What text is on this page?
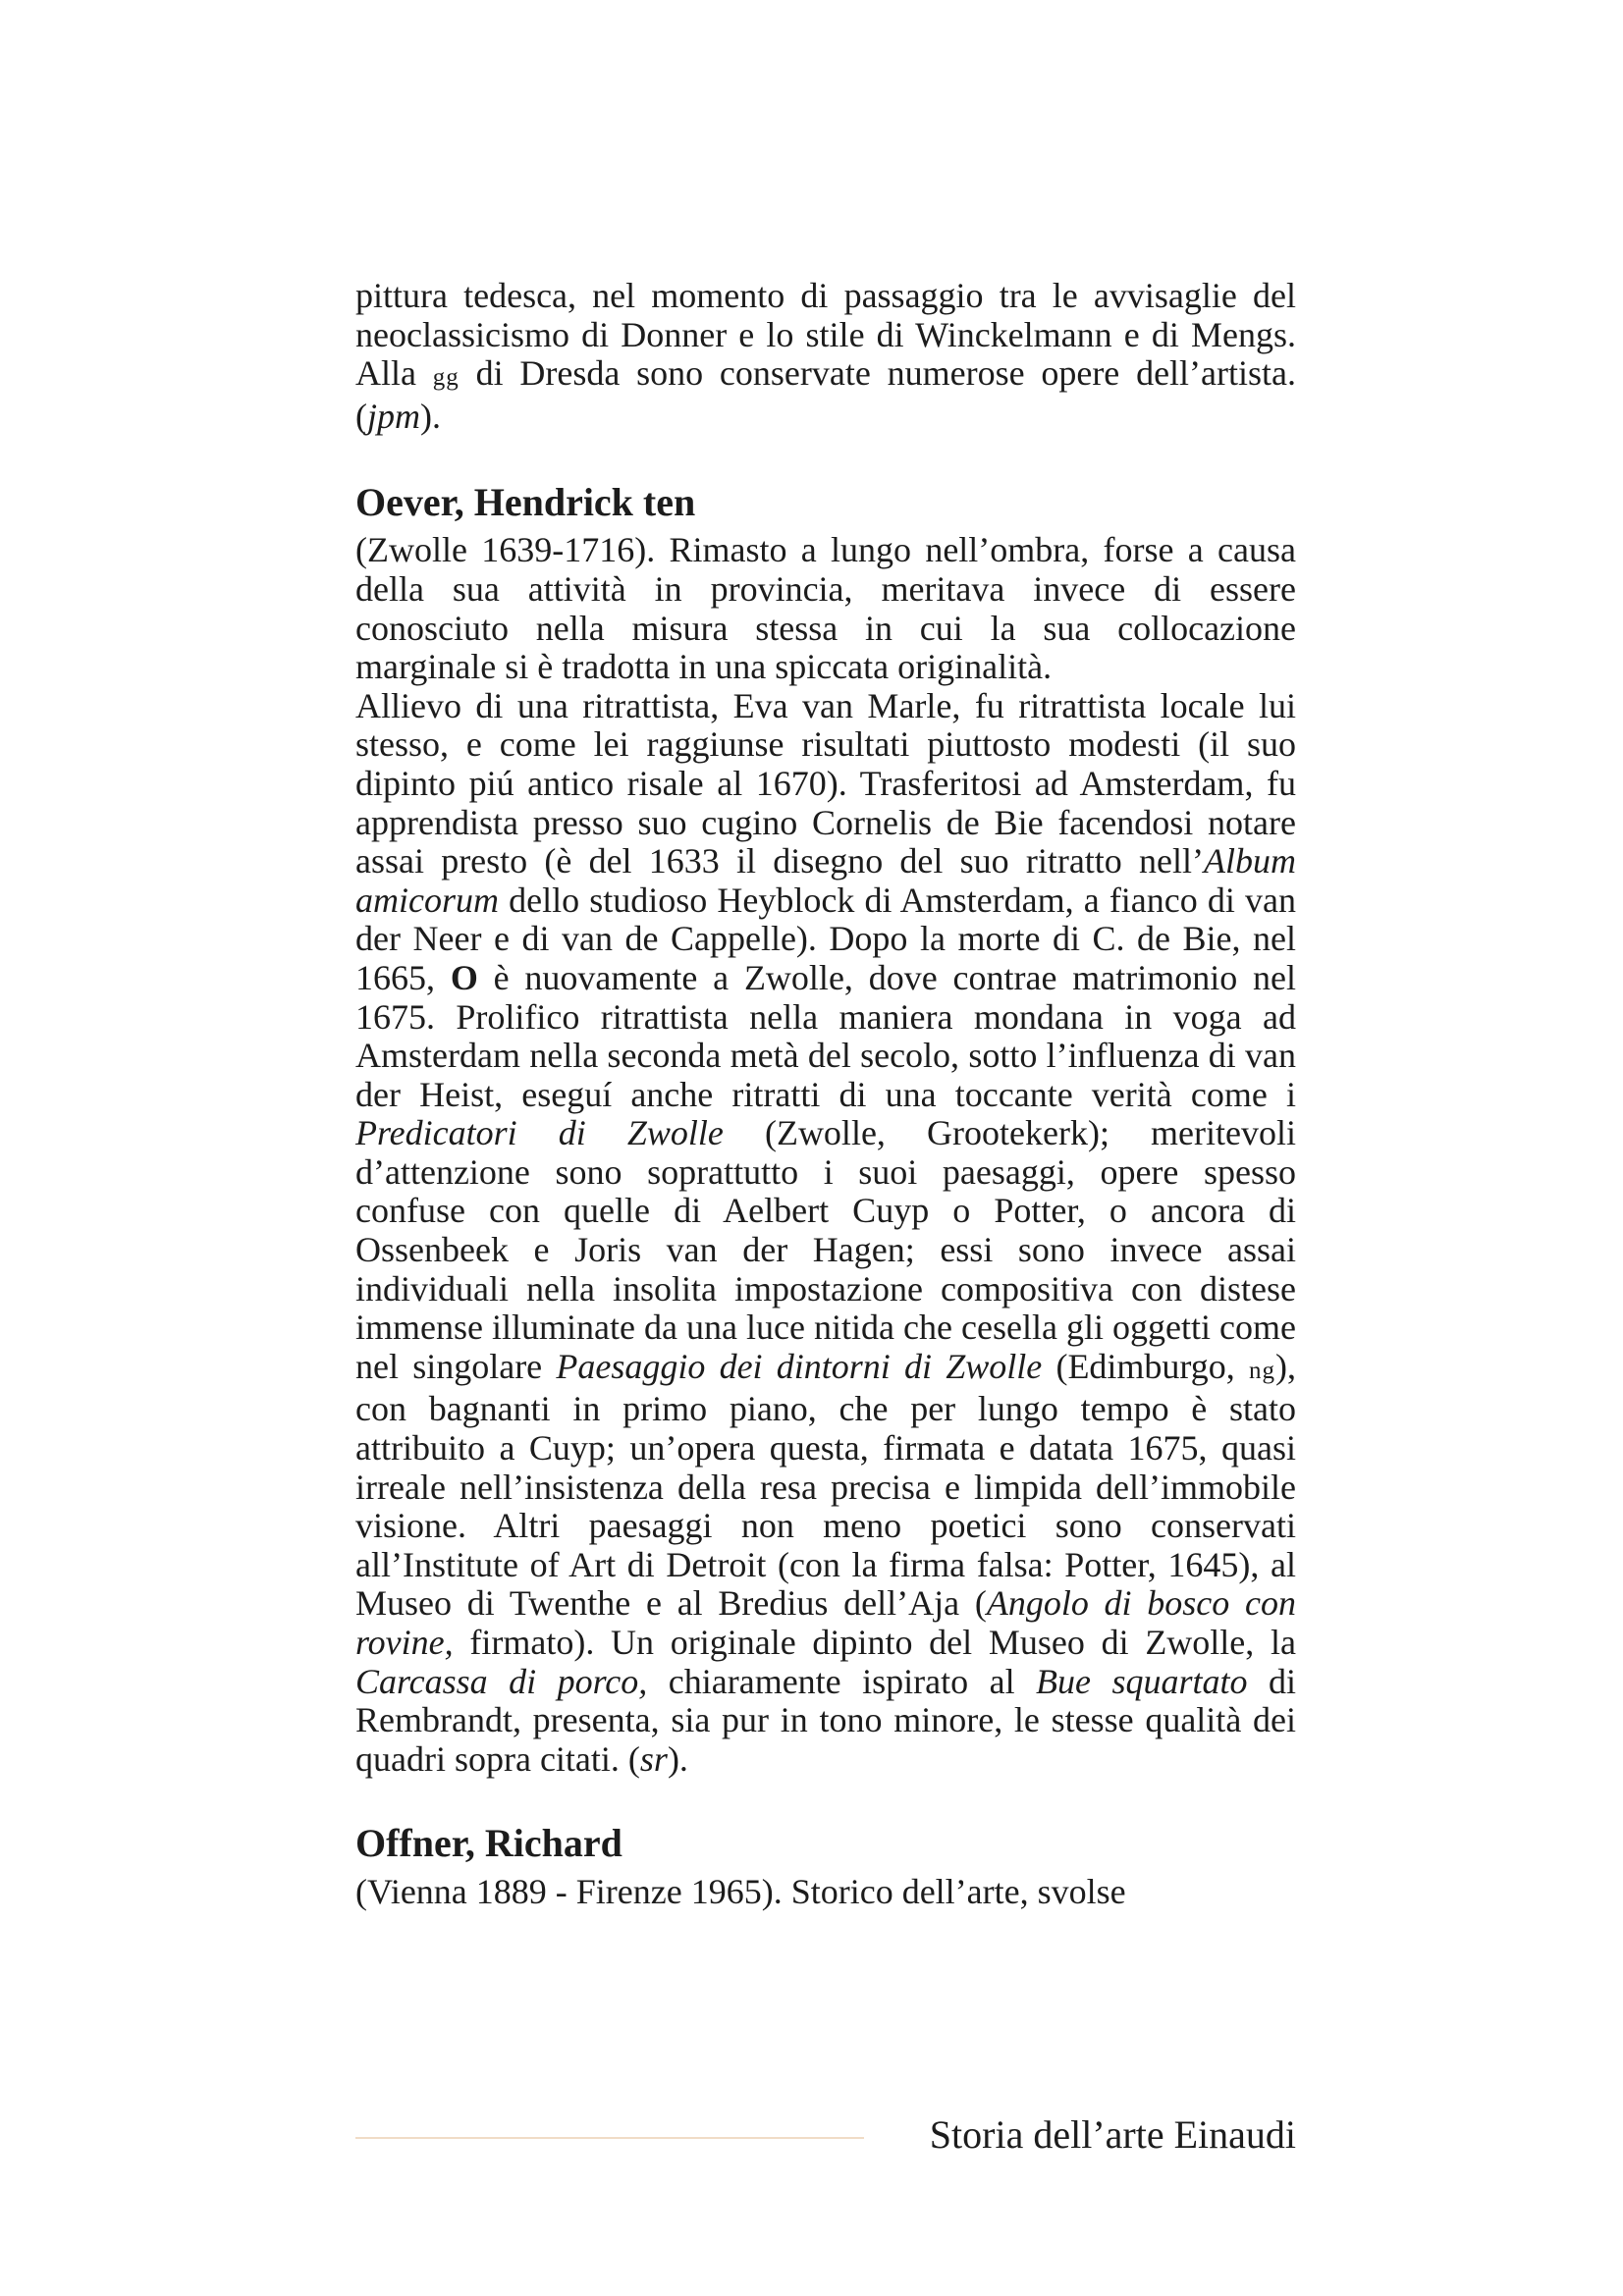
pittura tedesca, nel momento di passaggio tra le avvisaglie del neoclassicismo di Donner e lo stile di Winckelmann e di Mengs. Alla gg di Dresda sono conservate numerose opere dell’artista. (jpm).

Oever, Hendrick ten

(Zwolle 1639-1716). Rimasto a lungo nell’ombra, forse a causa della sua attività in provincia, meritava invece di essere conosciuto nella misura stessa in cui la sua collocazione marginale si è tradotta in una spiccata originalità.

Allievo di una ritrattista, Eva van Marle, fu ritrattista locale lui stesso, e come lei raggiunse risultati piuttosto modesti (il suo dipinto piú antico risale al 1670). Trasferitosi ad Amsterdam, fu apprendista presso suo cugino Cornelis de Bie facendosi notare assai presto (è del 1633 il disegno del suo ritratto nell’Album amicorum dello studioso Heyblock di Amsterdam, a fianco di van der Neer e di van de Cappelle). Dopo la morte di C. de Bie, nel 1665, O è nuovamente a Zwolle, dove contrae matrimonio nel 1675. Prolifico ritrattista nella maniera mondana in voga ad Amsterdam nella seconda metà del secolo, sotto l’influenza di van der Heist, eseguí anche ritratti di una toccante verità come i Predicatori di Zwolle (Zwolle, Grootekerk); meritevoli d’attenzione sono soprattutto i suoi paesaggi, opere spesso confuse con quelle di Aelbert Cuyp o Potter, o ancora di Ossenbeek e Joris van der Hagen; essi sono invece assai individuali nella insolita impostazione compositiva con distese immense illuminate da una luce nitida che cesella gli oggetti come nel singolare Paesaggio dei dintorni di Zwolle (Edimburgo, ng), con bagnanti in primo piano, che per lungo tempo è stato attribuito a Cuyp; un’opera questa, firmata e datata 1675, quasi irreale nell’insistenza della resa precisa e limpida dell’immobile visione. Altri paesaggi non meno poetici sono conservati all’Institute of Art di Detroit (con la firma falsa: Potter, 1645), al Museo di Twenthe e al Bredius dell’Aja (Angolo di bosco con rovine, firmato). Un originale dipinto del Museo di Zwolle, la Carcassa di porco, chiaramente ispirato al Bue squartato di Rembrandt, presenta, sia pur in tono minore, le stesse qualità dei quadri sopra citati. (sr).

Offner, Richard

(Vienna 1889 - Firenze 1965). Storico dell’arte, svolse

Storia dell’arte Einaudi
